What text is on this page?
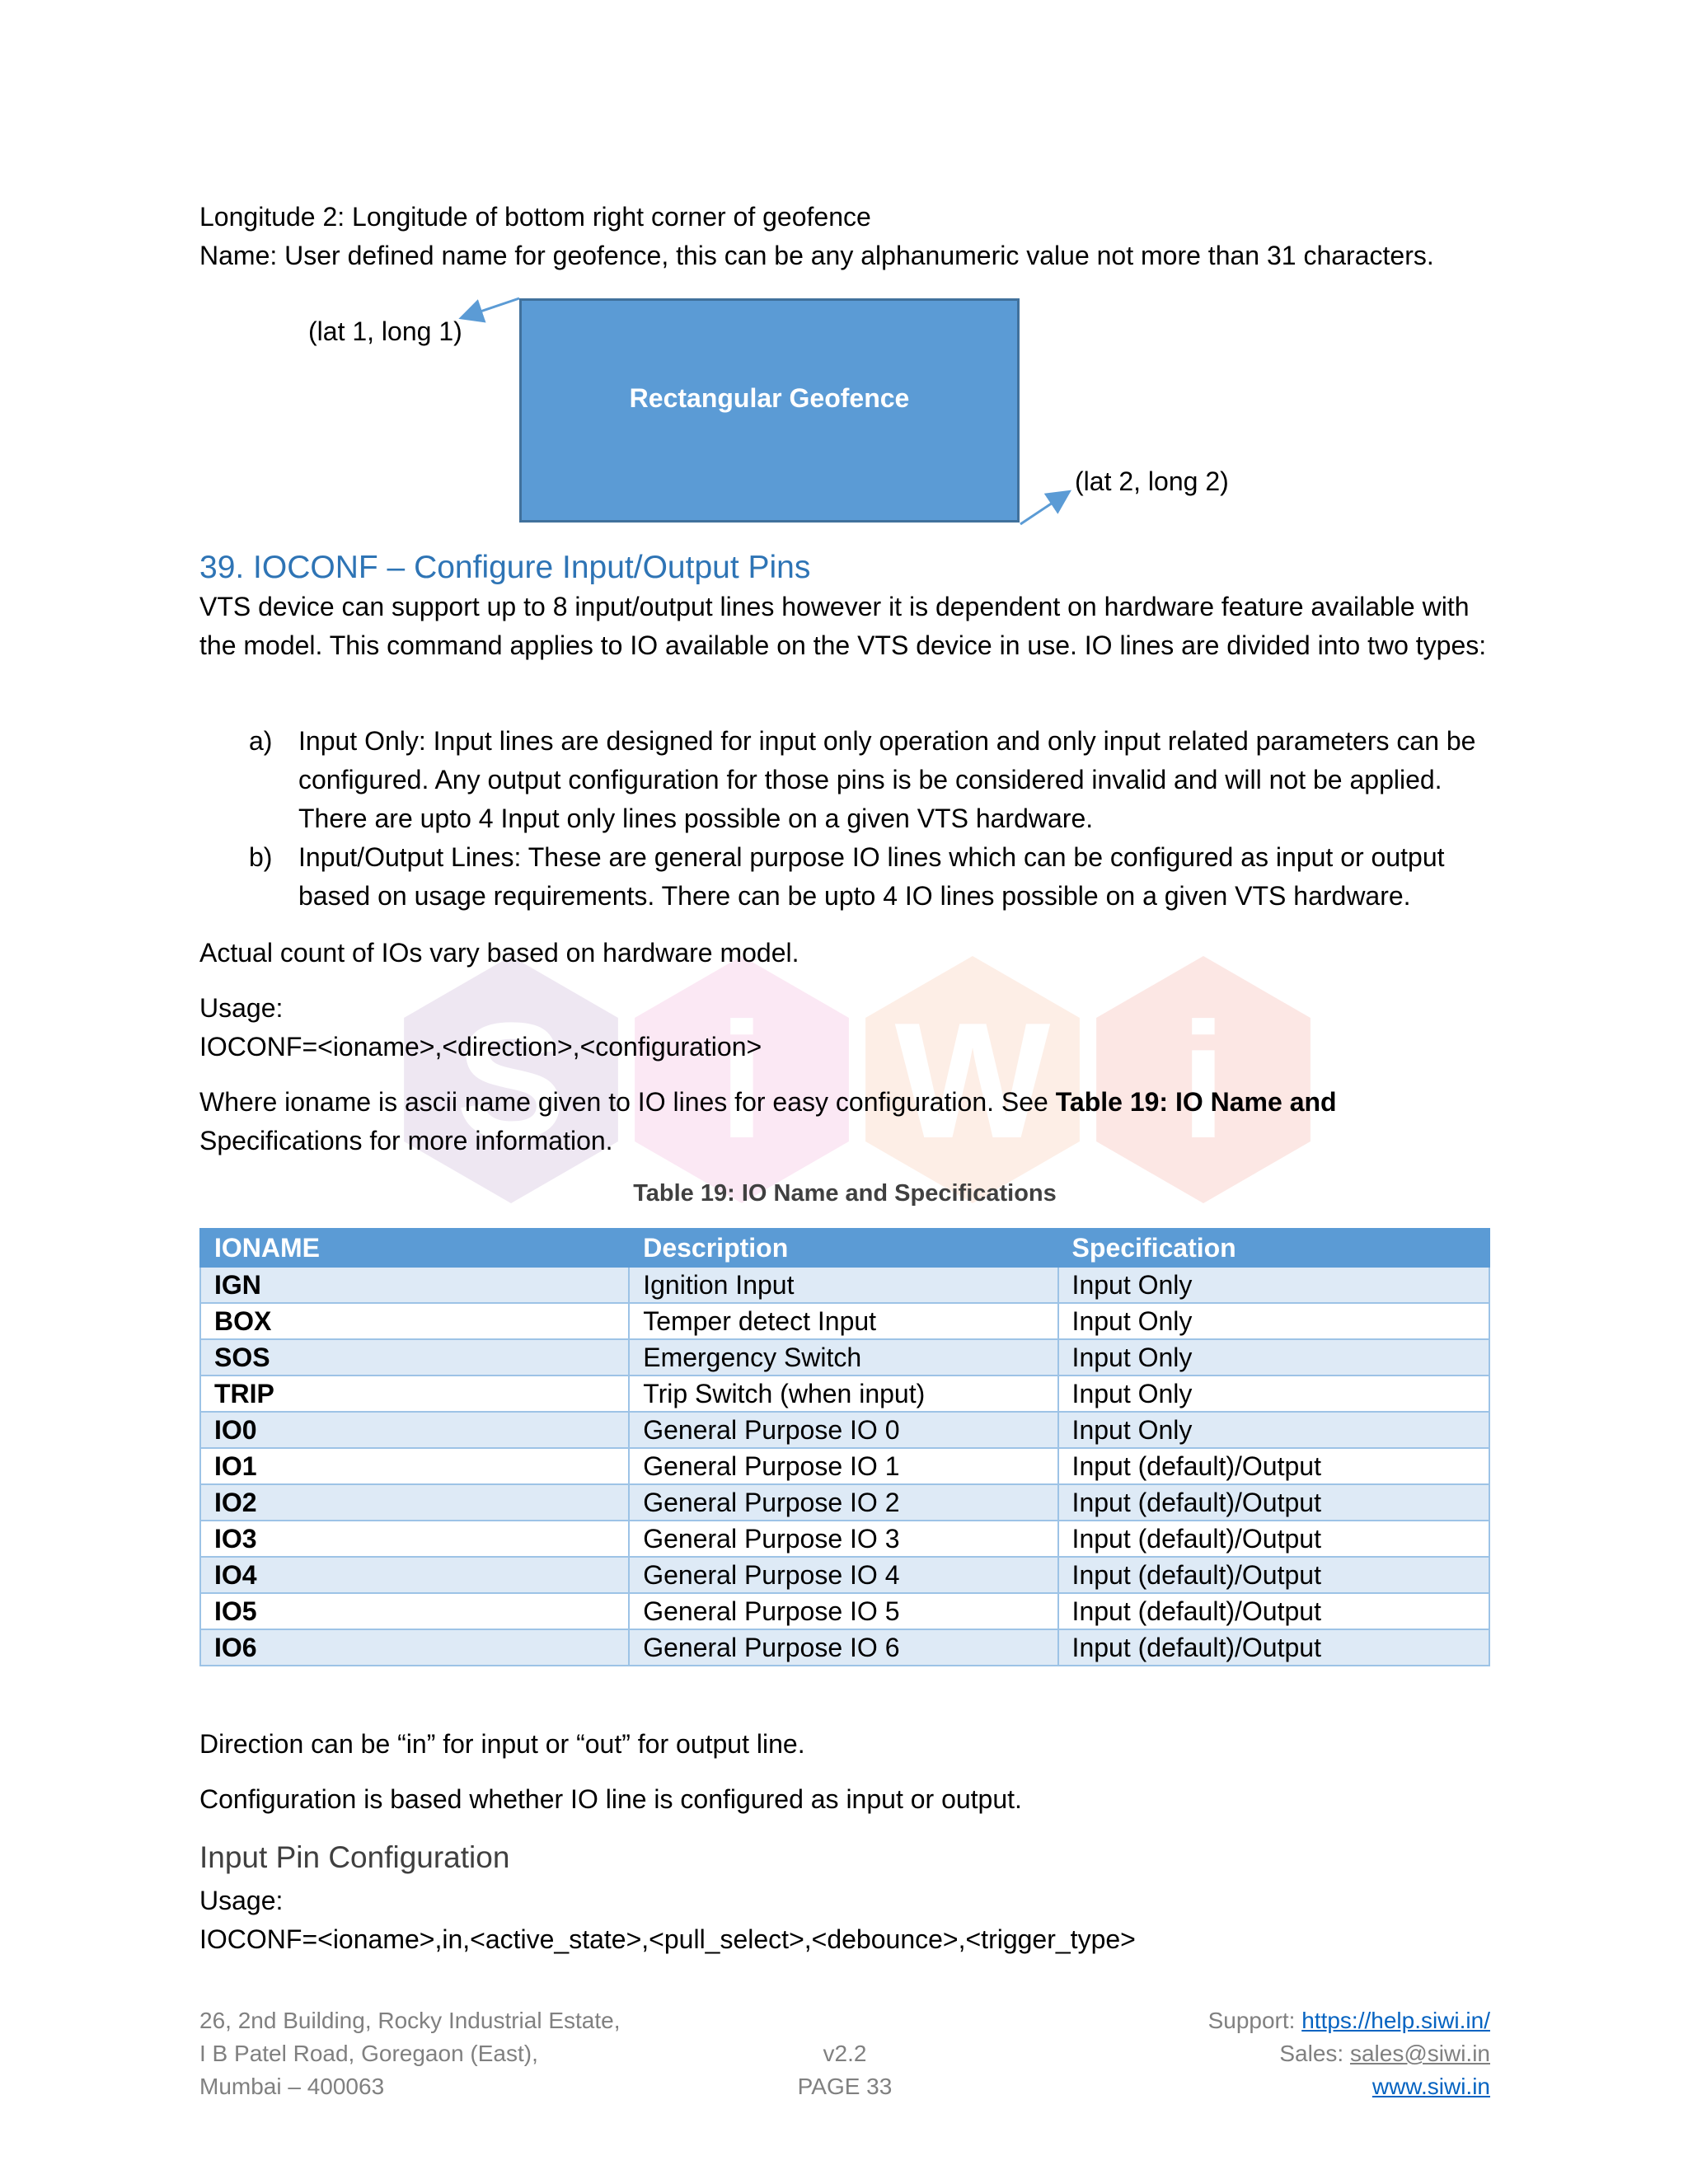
S i W i
Longitude 2: Longitude of bottom right corner of geofence
Name: User defined name for geofence, this can be any alphanumeric value not more than 31 characters.
Rectangular Geofence
(lat 1, long 1)
(lat 2, long 2)
39. IOCONF – Configure Input/Output Pins
VTS device can support up to 8 input/output lines however it is dependent on hardware feature available with the model. This command applies to IO available on the VTS device in use. IO lines are divided into two types:
a) Input Only: Input lines are designed for input only operation and only input related parameters can be configured. Any output configuration for those pins is be considered invalid and will not be applied. There are upto 4 Input only lines possible on a given VTS hardware.
b) Input/Output Lines: These are general purpose IO lines which can be configured as input or output based on usage requirements. There can be upto 4 IO lines possible on a given VTS hardware.
Actual count of IOs vary based on hardware model.
Usage:
IOCONF=<ioname>,<direction>,<configuration>
Where ioname is ascii name given to IO lines for easy configuration. See Table 19: IO Name and
Specifications for more information.
Table 19: IO Name and Specifications
IONAME	Description	Specification
IGN	Ignition Input	Input Only
BOX	Temper detect Input	Input Only
SOS	Emergency Switch	Input Only
TRIP	Trip Switch (when input)	Input Only
IO0	General Purpose IO 0	Input Only
IO1	General Purpose IO 1	Input (default)/Output
IO2	General Purpose IO 2	Input (default)/Output
IO3	General Purpose IO 3	Input (default)/Output
IO4	General Purpose IO 4	Input (default)/Output
IO5	General Purpose IO 5	Input (default)/Output
IO6	General Purpose IO 6	Input (default)/Output
Direction can be “in” for input or “out” for output line.
Configuration is based whether IO line is configured as input or output.
Input Pin Configuration
Usage:
IOCONF=<ioname>,in,<active_state>,<pull_select>,<debounce>,<trigger_type>
26, 2nd Building, Rocky Industrial Estate,
I B Patel Road, Goregaon (East),
Mumbai – 400063
v2.2
PAGE 33
Support: https://help.siwi.in/
Sales: sales@siwi.in
www.siwi.in
